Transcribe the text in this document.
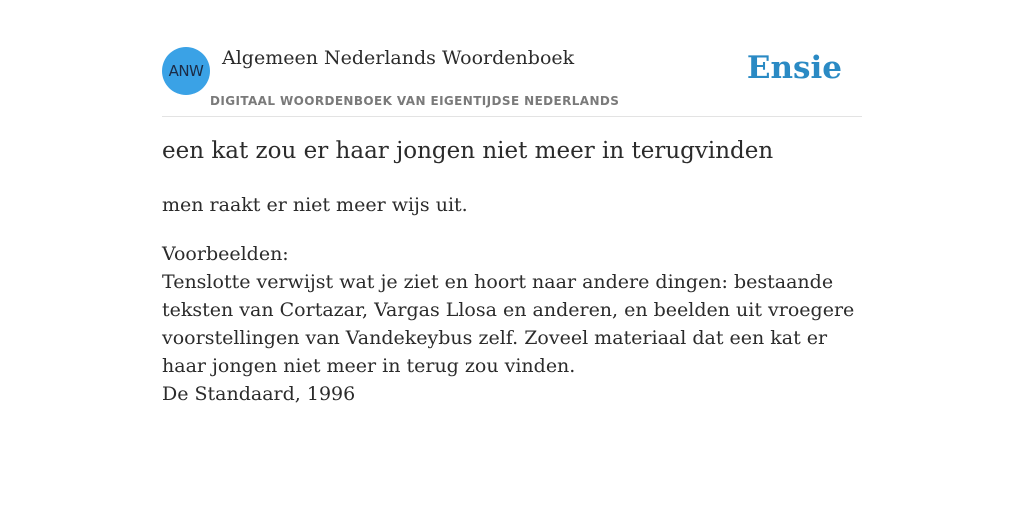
ANW
Algemeen Nederlands Woordenboek
DIGITAAL WOORDENBOEK VAN EIGENTIJDSE NEDERLANDS
Ensie
een kat zou er haar jongen niet meer in terugvinden
men raakt er niet meer wijs uit.
Voorbeelden:
Tenslotte verwijst wat je ziet en hoort naar andere dingen: bestaande teksten van Cortazar, Vargas Llosa en anderen, en beelden uit vroegere voorstellingen van Vandekeybus zelf. Zoveel materiaal dat een kat er haar jongen niet meer in terug zou vinden.
De Standaard, 1996
